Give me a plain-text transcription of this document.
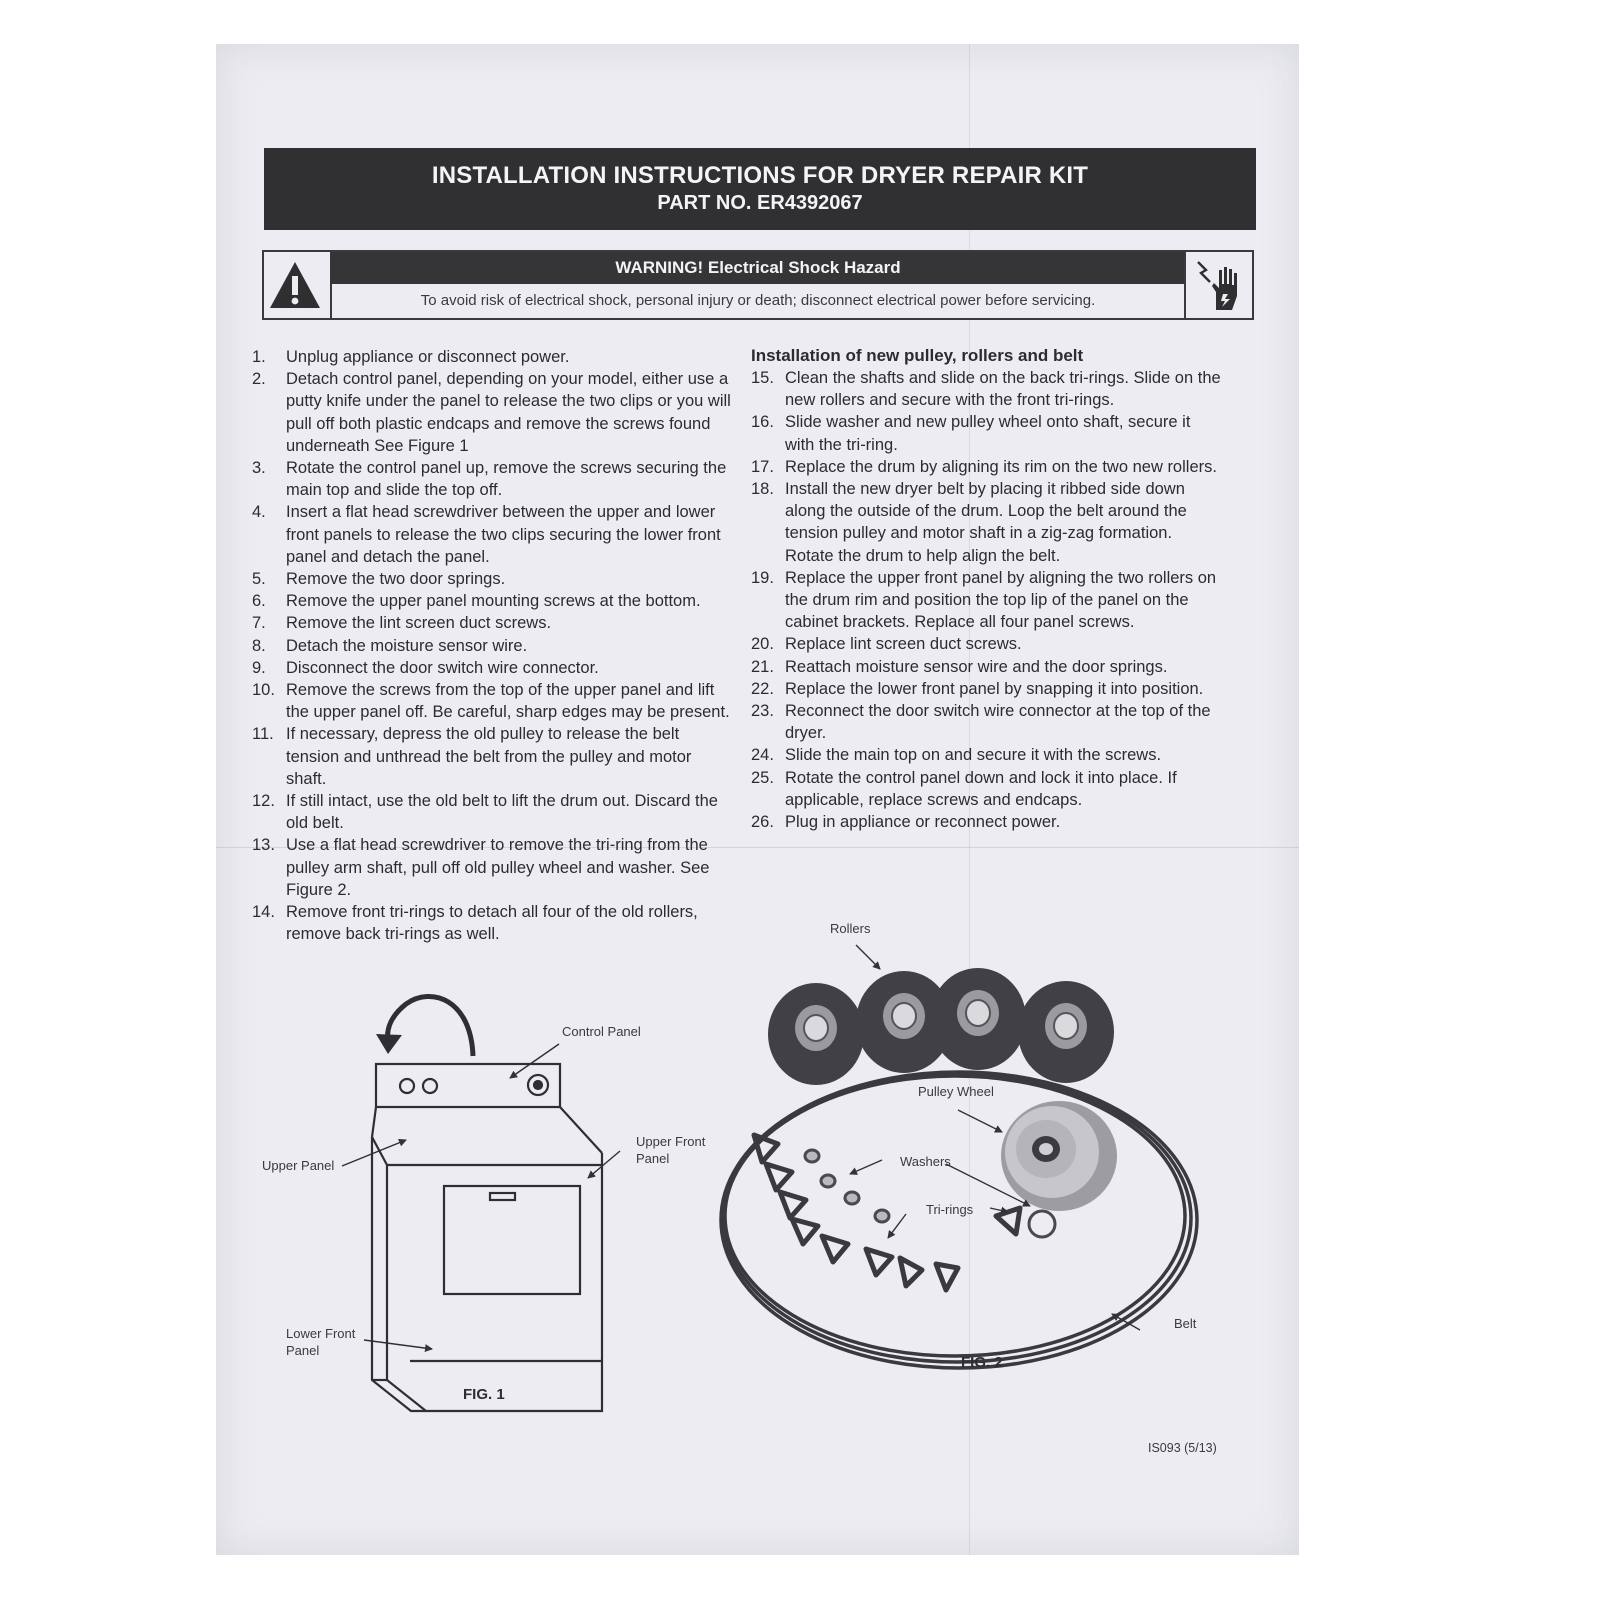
INSTALLATION INSTRUCTIONS FOR DRYER REPAIR KIT
PART NO. ER4392067
WARNING! Electrical Shock Hazard
To avoid risk of electrical shock, personal injury or death; disconnect electrical power before servicing.
1.	Unplug appliance or disconnect power.
2.	Detach control panel, depending on your model, either use a putty knife under the panel to release the two clips or you will pull off both plastic endcaps and remove the screws found underneath See Figure 1
3.	Rotate the control panel up, remove the screws securing the main top and slide the top off.
4.	Insert a flat head screwdriver between the upper and lower front panels to release the two clips securing the lower front panel and detach the panel.
5.	Remove the two door springs.
6.	Remove the upper panel mounting screws at the bottom.
7.	Remove the lint screen duct screws.
8.	Detach the moisture sensor wire.
9.	Disconnect the door switch wire connector.
10. Remove the screws from the top of the upper panel and lift the upper panel off. Be careful, sharp edges may be present.
11. If necessary, depress the old pulley to release the belt tension and unthread the belt from the pulley and motor shaft.
12. If still intact, use the old belt to lift the drum out. Discard the old belt.
13. Use a flat head screwdriver to remove the tri-ring from the pulley arm shaft, pull off old pulley wheel and washer. See Figure 2.
14. Remove front tri-rings to detach all four of the old rollers, remove back tri-rings as well.
Installation of new pulley, rollers and belt
15. Clean the shafts and slide on the back tri-rings. Slide on the new rollers and secure with the front tri-rings.
16. Slide washer and new pulley wheel onto shaft, secure it with the tri-ring.
17. Replace the drum by aligning its rim on the two new rollers.
18. Install the new dryer belt by placing it ribbed side down along the outside of the drum. Loop the belt around the tension pulley and motor shaft in a zig-zag formation. Rotate the drum to help align the belt.
19. Replace the upper front panel by aligning the two rollers on the drum rim and position the top lip of the panel on the cabinet brackets. Replace all four panel screws.
20. Replace lint screen duct screws.
21. Reattach moisture sensor wire and the door springs.
22. Replace the lower front panel by snapping it into position.
23. Reconnect the door switch wire connector at the top of the dryer.
24. Slide the main top on and secure it with the screws.
25. Rotate the control panel down and lock it into place. If applicable, replace screws and endcaps.
26. Plug in appliance or reconnect power.
Control Panel
Upper Front
Panel
Upper Panel
Lower Front
Panel
FIG. 1
Rollers
Pulley Wheel
Washers
Tri-rings
Belt
FIG. 2
IS093 (5/13)
